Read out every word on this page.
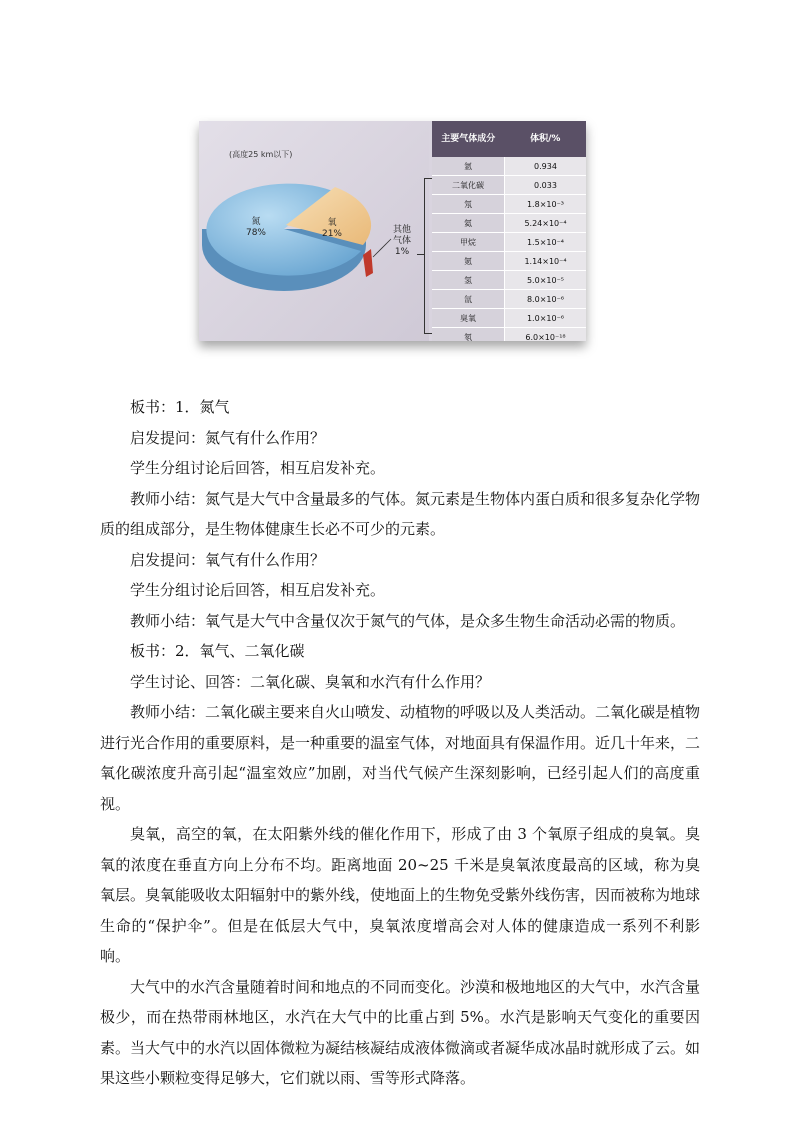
(高度25 km以下)
氮
78%
氧
21%	其他
气体
1%
主要气体成分	体积/%
氩	0.934
二氧化碳	0.033
氖	1.8×10⁻³
氦	5.24×10⁻⁴
甲烷	1.5×10⁻⁴
氪	1.14×10⁻⁴
氢	5.0×10⁻⁵
氙	8.0×10⁻⁶
臭氧	1.0×10⁻⁶
氡	6.0×10⁻¹⁸

板书：1．氮气

启发提问：氮气有什么作用？

学生分组讨论后回答，相互启发补充。

教师小结：氮气是大气中含量最多的气体。氮元素是生物体内蛋白质和很多复杂化学物质的组成部分，是生物体健康生长必不可少的元素。

启发提问：氧气有什么作用？

学生分组讨论后回答，相互启发补充。

教师小结：氧气是大气中含量仅次于氮气的气体，是众多生物生命活动必需的物质。

板书：2．氧气、二氧化碳

学生讨论、回答：二氧化碳、臭氧和水汽有什么作用？

教师小结：二氧化碳主要来自火山喷发、动植物的呼吸以及人类活动。二氧化碳是植物进行光合作用的重要原料，是一种重要的温室气体，对地面具有保温作用。近几十年来，二氧化碳浓度升高引起“温室效应”加剧，对当代气候产生深刻影响，已经引起人们的高度重视。

臭氧，高空的氧，在太阳紫外线的催化作用下，形成了由 3 个氧原子组成的臭氧。臭氧的浓度在垂直方向上分布不均。距离地面 20~25 千米是臭氧浓度最高的区域，称为臭氧层。臭氧能吸收太阳辐射中的紫外线，使地面上的生物免受紫外线伤害，因而被称为地球生命的“保护伞”。但是在低层大气中，臭氧浓度增高会对人体的健康造成一系列不利影响。

大气中的水汽含量随着时间和地点的不同而变化。沙漠和极地地区的大气中，水汽含量极少，而在热带雨林地区，水汽在大气中的比重占到 5%。水汽是影响天气变化的重要因素。当大气中的水汽以固体微粒为凝结核凝结成液体微滴或者凝华成冰晶时就形成了云。如果这些小颗粒变得足够大，它们就以雨、雪等形式降落。
